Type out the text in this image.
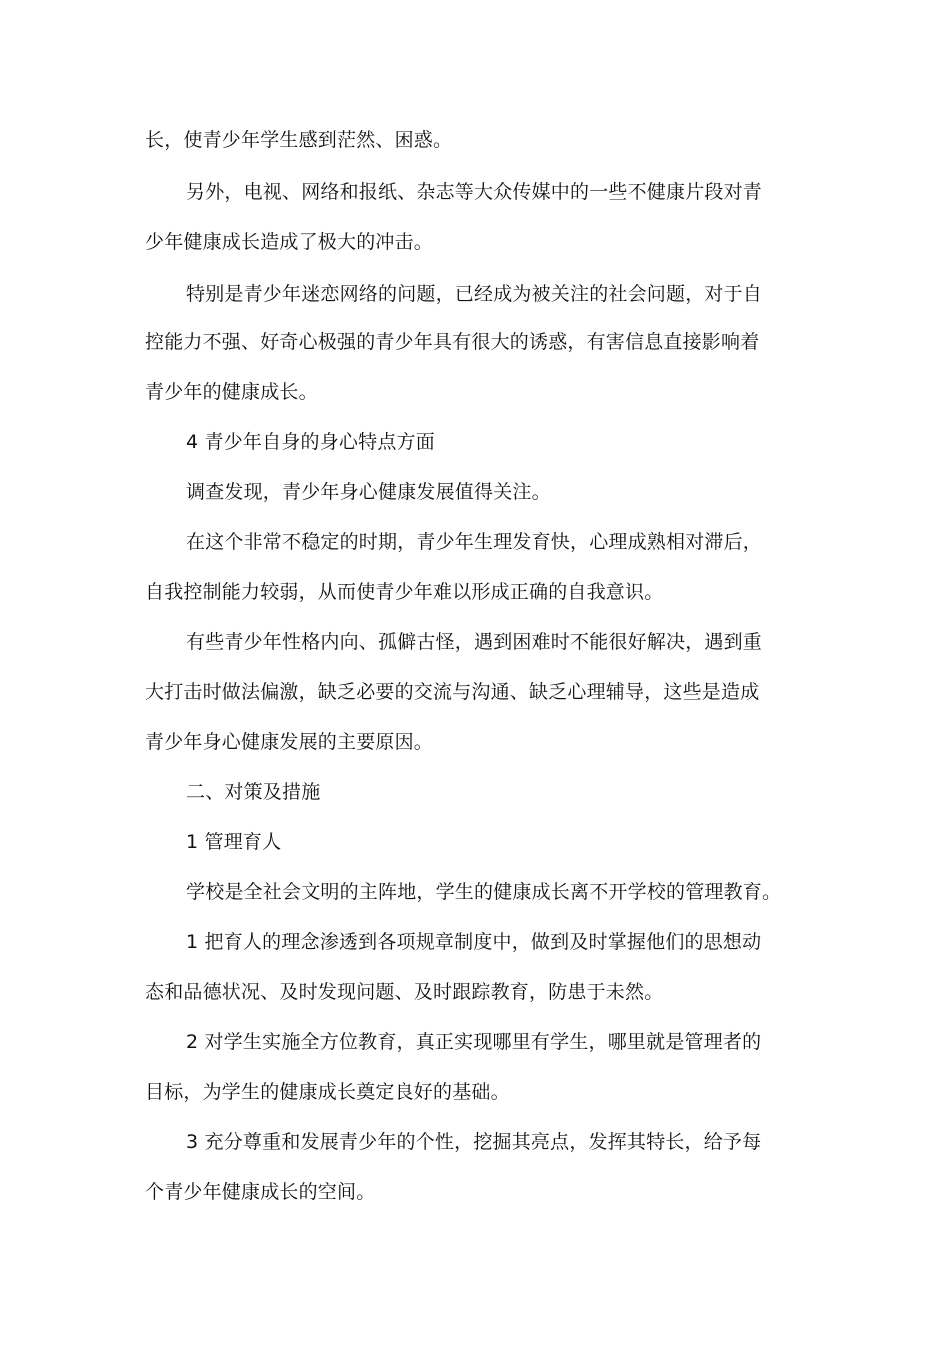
长，使青少年学生感到茫然、困惑。
另外，电视、网络和报纸、杂志等大众传媒中的一些不健康片段对青
少年健康成长造成了极大的冲击。
特别是青少年迷恋网络的问题，已经成为被关注的社会问题，对于自
控能力不强、好奇心极强的青少年具有很大的诱惑，有害信息直接影响着
青少年的健康成长。
4 青少年自身的身心特点方面
调查发现，青少年身心健康发展值得关注。
在这个非常不稳定的时期，青少年生理发育快，心理成熟相对滞后，
自我控制能力较弱，从而使青少年难以形成正确的自我意识。
有些青少年性格内向、孤僻古怪，遇到困难时不能很好解决，遇到重
大打击时做法偏激，缺乏必要的交流与沟通、缺乏心理辅导，这些是造成
青少年身心健康发展的主要原因。
二、对策及措施
1 管理育人
学校是全社会文明的主阵地，学生的健康成长离不开学校的管理教育。
1 把育人的理念渗透到各项规章制度中，做到及时掌握他们的思想动
态和品德状况、及时发现问题、及时跟踪教育，防患于未然。
2 对学生实施全方位教育，真正实现哪里有学生，哪里就是管理者的
目标，为学生的健康成长奠定良好的基础。
3 充分尊重和发展青少年的个性，挖掘其亮点，发挥其特长，给予每
个青少年健康成长的空间。
